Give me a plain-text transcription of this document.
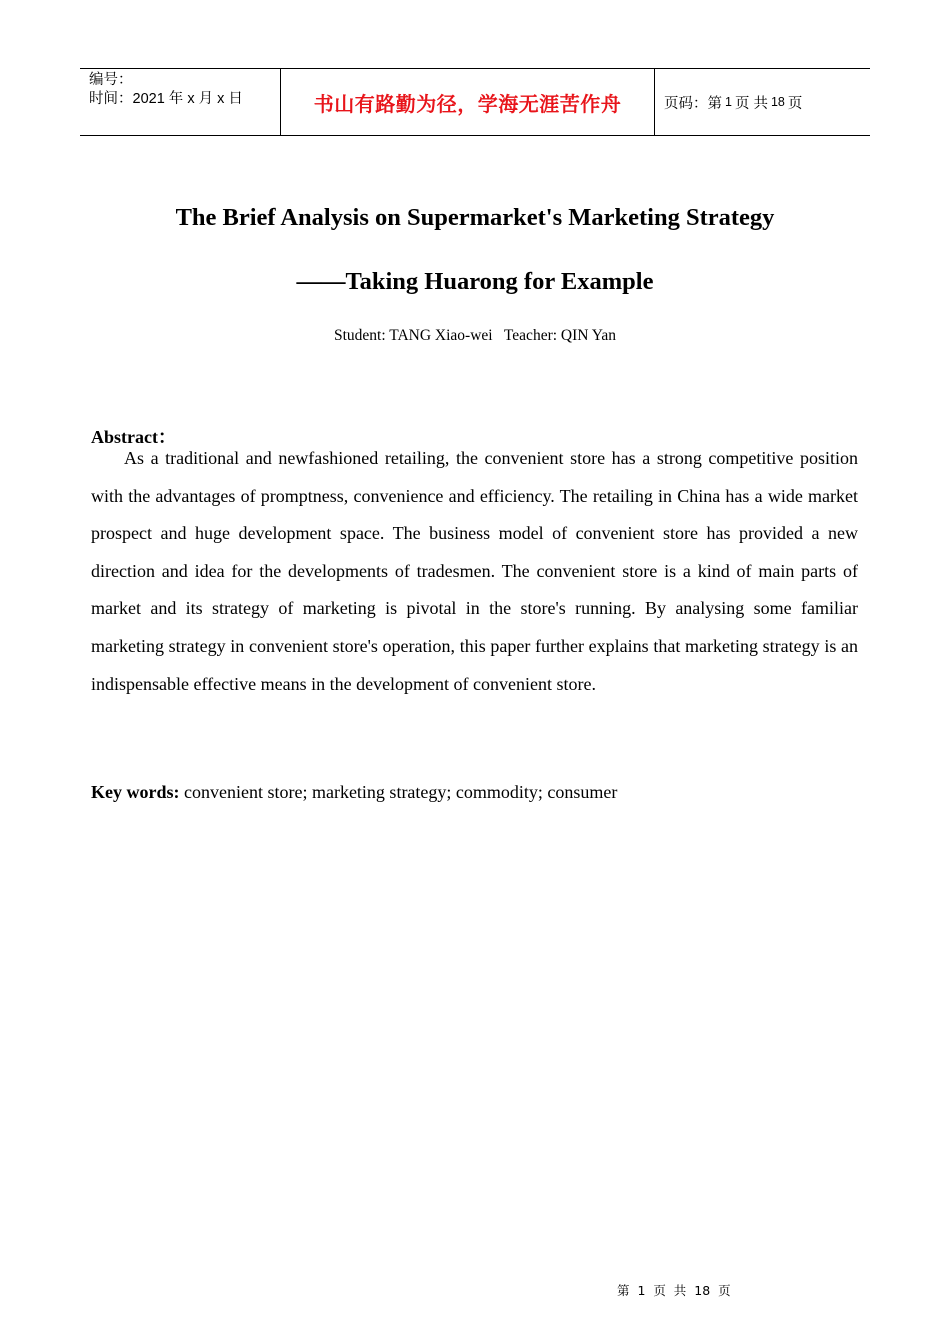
编号：
时间：2021 年 x 月 x 日	书山有路勤为径，学海无涯苦作舟	页码：第 1 页 共 18 页
The Brief Analysis on Supermarket's Marketing Strategy
——Taking Huarong for Example
Student: TANG Xiao-wei   Teacher: QIN Yan
Abstract：

As a traditional and newfashioned retailing, the convenient store has a strong competitive position with the advantages of promptness, convenience and efficiency. The retailing in China has a wide market prospect and huge development space. The business model of convenient store has provided a new direction and idea for the developments of tradesmen. The convenient store is a kind of main parts of market and its strategy of marketing is pivotal in the store's running. By analysing some familiar marketing strategy in convenient store's operation, this paper further explains that marketing strategy is an indispensable effective means in the development of convenient store.

Key words: convenient store; marketing strategy; commodity; consumer
第  1  页  共  18  页
